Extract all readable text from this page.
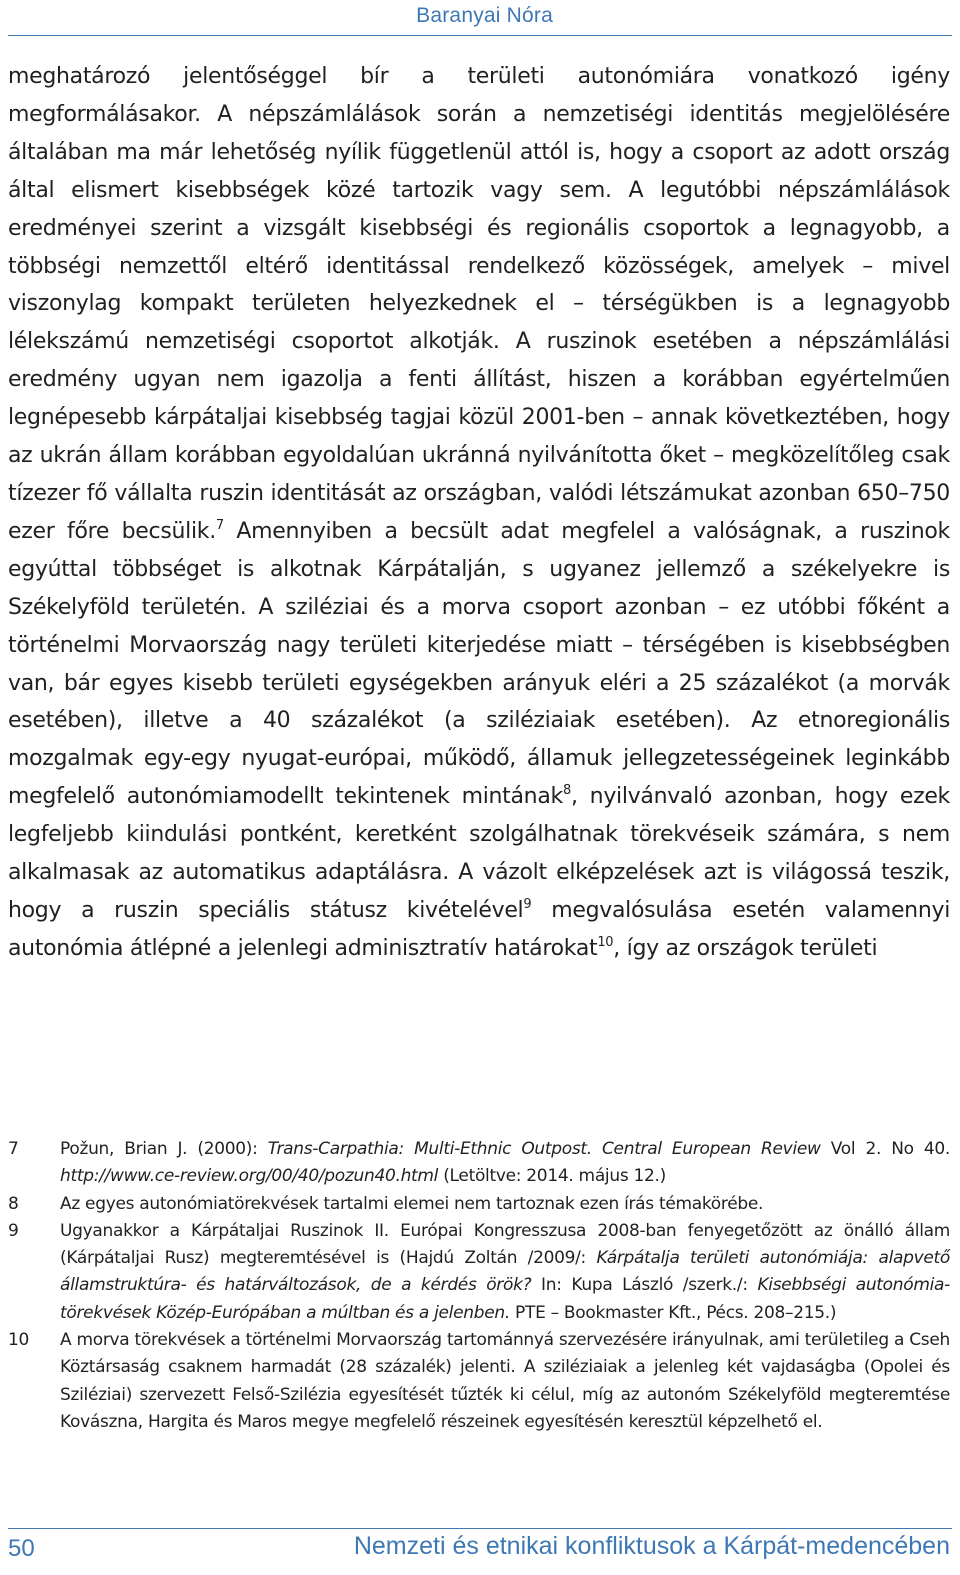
Baranyai Nóra

meghatározó jelentőséggel bír a területi autonómiára vonatkozó igény megformálásakor. A népszámlálások során a nemzetiségi identitás megjelölésére általában ma már lehetőség nyílik függetlenül attól is, hogy a csoport az adott ország által elismert kisebbségek közé tartozik vagy sem. A legutóbbi népszámlálások eredményei szerint a vizsgált kisebbségi és regionális csoportok a legnagyobb, a többségi nemzettől eltérő identitással rendelkező közösségek, amelyek – mivel viszonylag kompakt területen helyezkednek el – térségükben is a legnagyobb lélekszámú nemzetiségi csoportot alkotják. A ruszinok esetében a népszámlálási eredmény ugyan nem igazolja a fenti állítást, hiszen a korábban egyértelműen legnépesebb kárpátaljai kisebbség tagjai közül 2001-ben – annak következtében, hogy az ukrán állam korábban egyoldalúan ukránná nyilvánította őket – megközelítőleg csak tízezer fő vállalta ruszin identitását az országban, valódi létszámukat azonban 650–750 ezer főre becsülik.$^7$ Amennyiben a becsült adat megfelel a valóságnak, a ruszinok egyúttal többséget is alkotnak Kárpátalján, s ugyanez jellemző a székelyekre is Székelyföld területén. A sziléziai és a morva csoport azonban – ez utóbbi főként a történelmi Morvaország nagy területi kiterjedése miatt – térségében is kisebbségben van, bár egyes kisebb területi egységekben arányuk eléri a 25 százalékot (a morvák esetében), illetve a 40 százalékot (a sziléziaiak esetében). Az etnoregionális mozgalmak egy-egy nyugat-európai, működő, államuk jellegzetességeinek leginkább megfelelő autonómiamodellt tekintenek mintának$^8$, nyilvánvaló azonban, hogy ezek legfeljebb kiindulási pontként, keretként szolgálhatnak törekvéseik számára, s nem alkalmasak az automatikus adaptálásra. A vázolt elképzelések azt is világossá teszik, hogy a ruszin speciális státusz kivételével$^9$ megvalósulása esetén valamennyi autonómia átlépné a jelenlegi adminisztratív határokat$^{10}$, így az országok területi

7	Požun, Brian J. (2000): Trans-Carpathia: Multi-Ethnic Outpost. Central European Review Vol 2. No 40. http://www.ce-review.org/00/40/pozun40.html (Letöltve: 2014. május 12.)
8	Az egyes autonómiatörekvések tartalmi elemei nem tartoznak ezen írás témakörébe.
9	Ugyanakkor a Kárpátaljai Ruszinok II. Európai Kongresszusa 2008-ban fenyegetőzött az önálló állam (Kárpátaljai Rusz) megteremtésével is (Hajdú Zoltán /2009/: Kárpátalja területi autonómiája: alapvető államstruktúra- és határváltozások, de a kérdés örök? In: Kupa László /szerk./: Kisebbségi autonómia-törekvések Közép-Európában a múltban és a jelenben. PTE – Bookmaster Kft., Pécs. 208–215.)
10	A morva törekvések a történelmi Morvaország tartománnyá szervezésére irányulnak, ami területileg a Cseh Köztársaság csaknem harmadát (28 százalék) jelenti. A sziléziaiak a jelenleg két vajdaságba (Opolei és Sziléziai) szervezett Felső-Szilézia egyesítését tűzték ki célul, míg az autonóm Székelyföld megteremtése Kovászna, Hargita és Maros megye megfelelő részeinek egyesítésén keresztül képzelhető el.
50	Nemzeti és etnikai konfliktusok a Kárpát-medencében
